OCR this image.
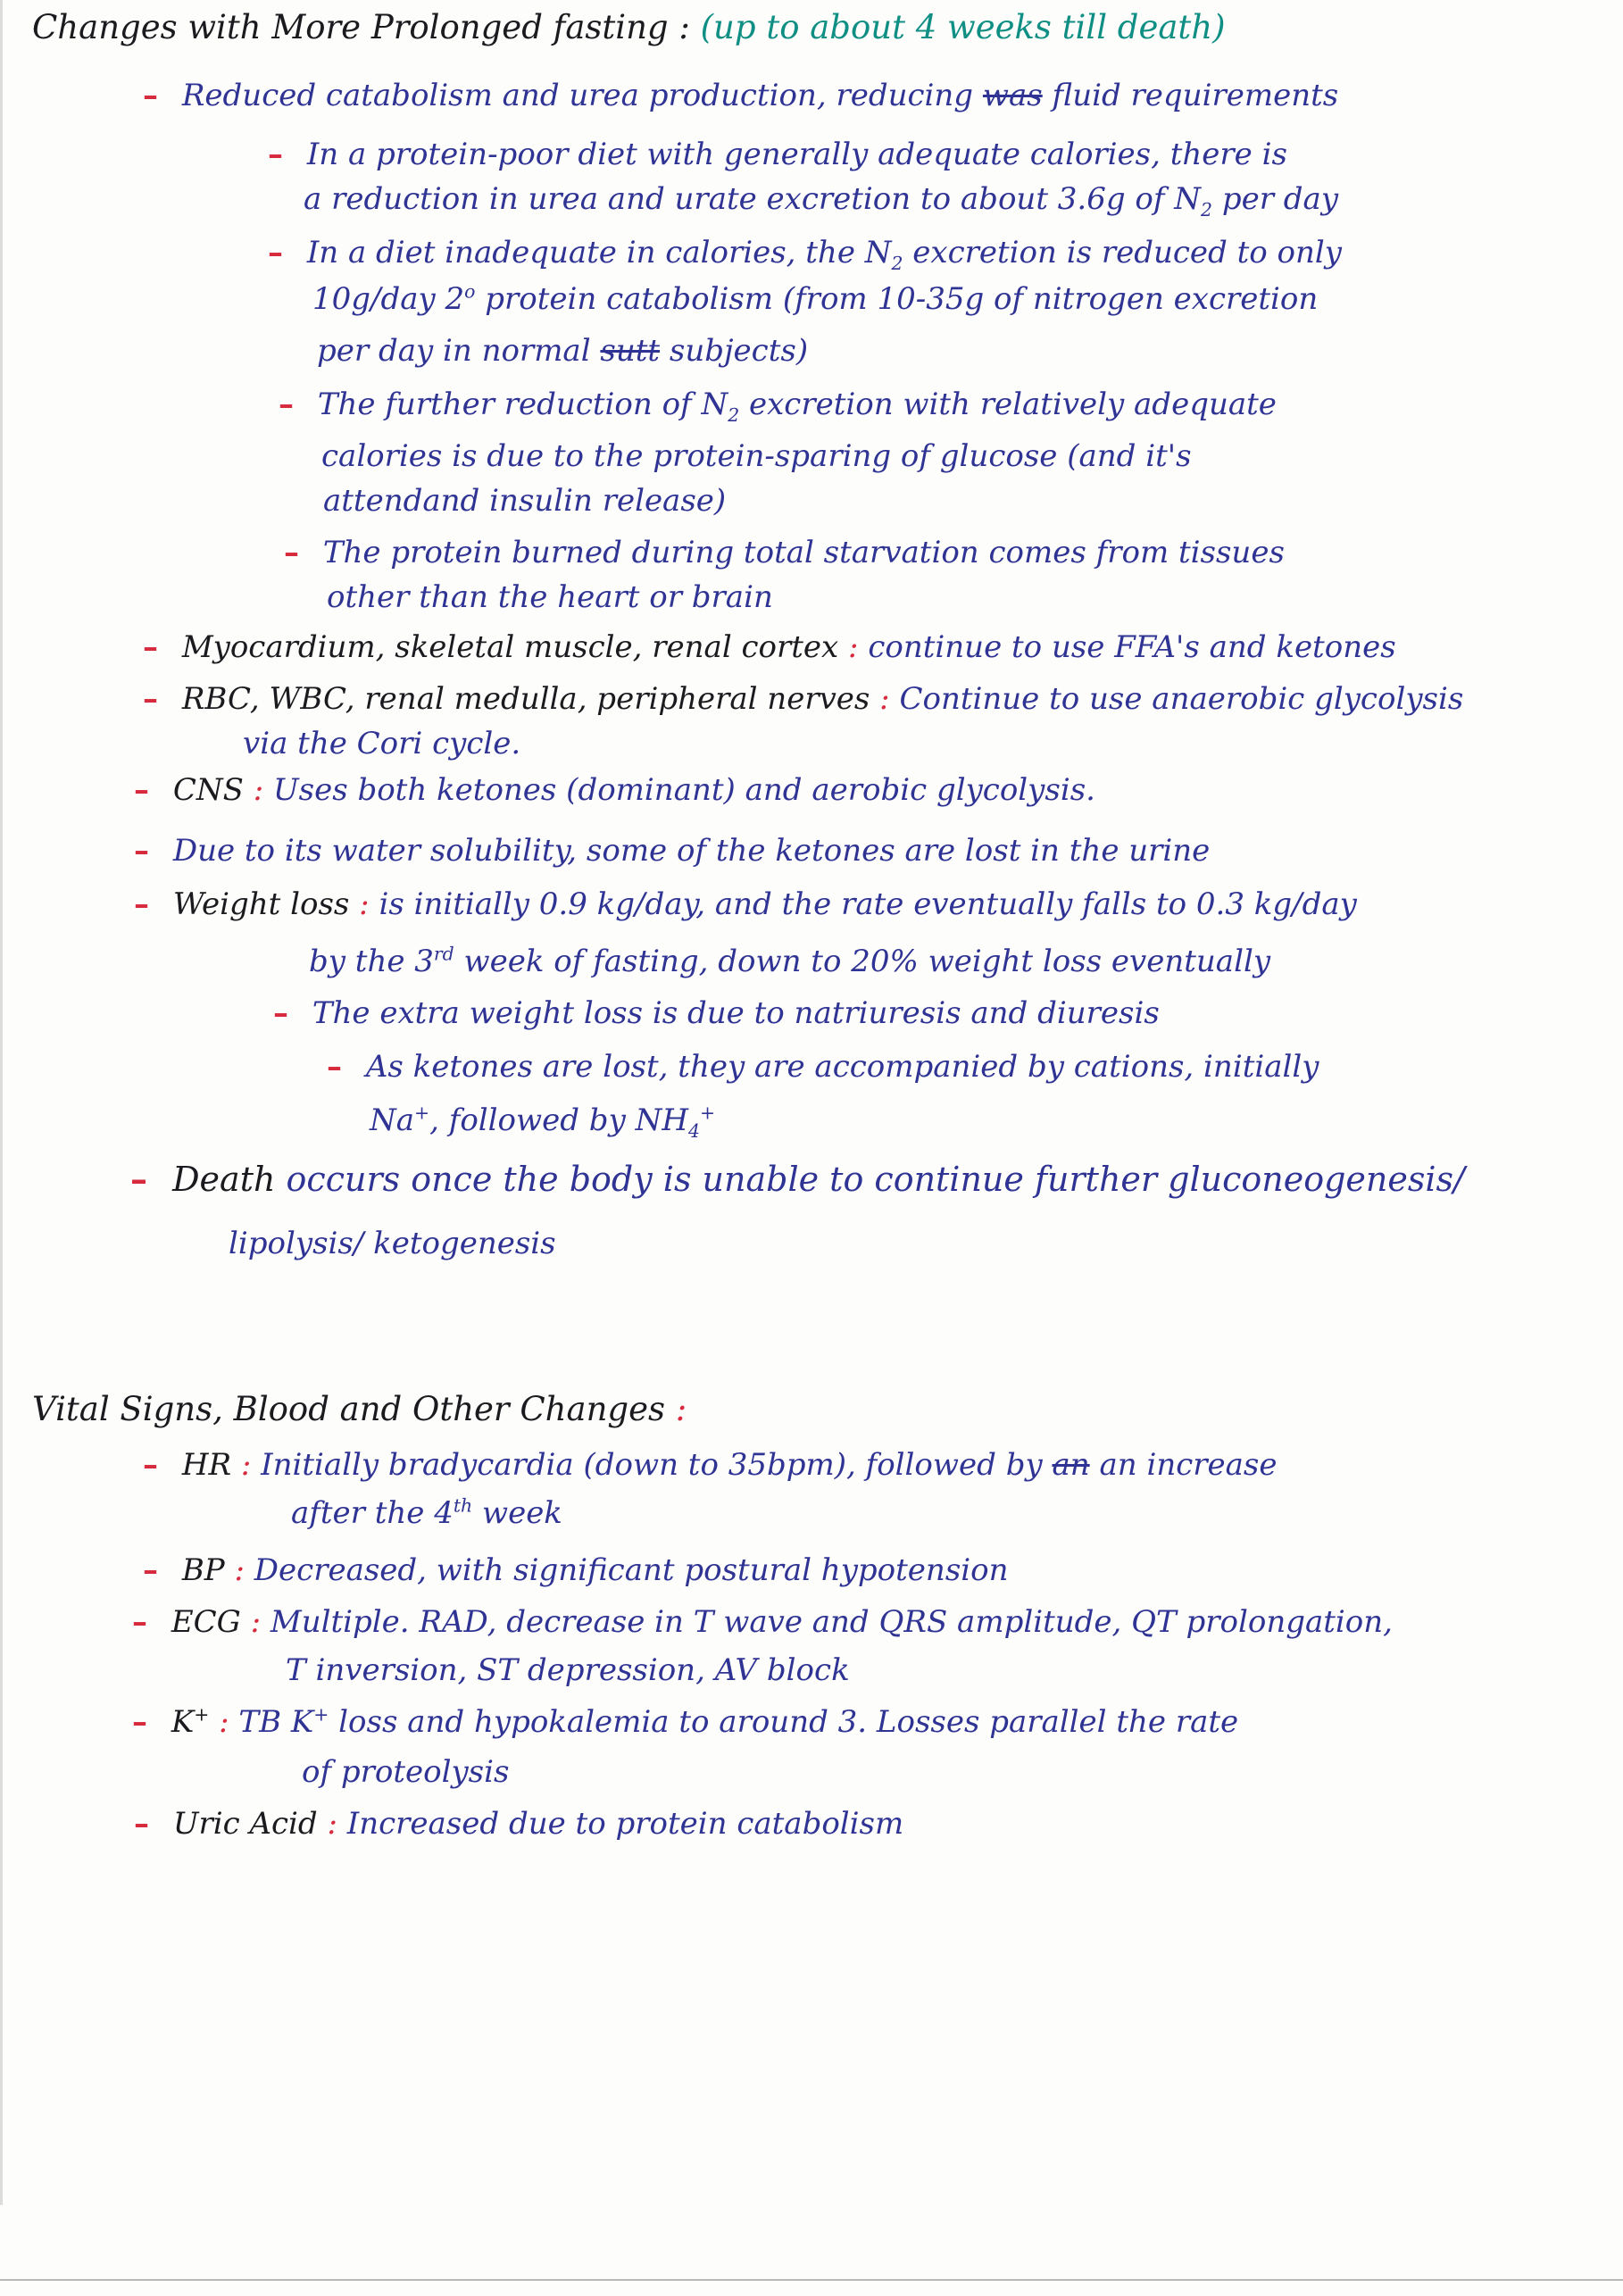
Changes with More Prolonged fasting : (up to about 4 weeks till death)
– Reduced catabolism and urea production, reducing was fluid requirements
– In a protein-poor diet with generally adequate calories, there is
a reduction in urea and urate excretion to about 3.6g of $N_2$ per day
– In a diet inadequate in calories, the $N_2$ excretion is reduced to only
10g/day 2$^o$ protein catabolism (from 10-35g of nitrogen excretion
per day in normal sutt subjects)
– The further reduction of $N_2$ excretion with relatively adequate
calories is due to the protein-sparing of glucose (and it's
attendand insulin release)
– The protein burned during total starvation comes from tissues
other than the heart or brain
– Myocardium, skeletal muscle, renal cortex : continue to use FFA's and ketones
– RBC, WBC, renal medulla, peripheral nerves : Continue to use anaerobic glycolysis
via the Cori cycle.
– CNS : Uses both ketones (dominant) and aerobic glycolysis.
– Due to its water solubility, some of the ketones are lost in the urine
– Weight loss : is initially 0.9 kg/day, and the rate eventually falls to 0.3 kg/day
by the 3rd week of fasting, down to 20% weight loss eventually
– The extra weight loss is due to natriuresis and diuresis
– As ketones are lost, they are accompanied by cations, initially
Na+, followed by $NH_4^+$
– Death occurs once the body is unable to continue further gluconeogenesis/
lipolysis/ ketogenesis
Vital Signs, Blood and Other Changes :
– HR : Initially bradycardia (down to 35bpm), followed by an an increase
after the 4th week
– BP : Decreased, with significant postural hypotension
– ECG : Multiple. RAD, decrease in T wave and QRS amplitude, QT prolongation,
T inversion, ST depression, AV block
– K+ : TB K+ loss and hypokalemia to around 3. Losses parallel the rate
of proteolysis
– Uric Acid : Increased due to protein catabolism
